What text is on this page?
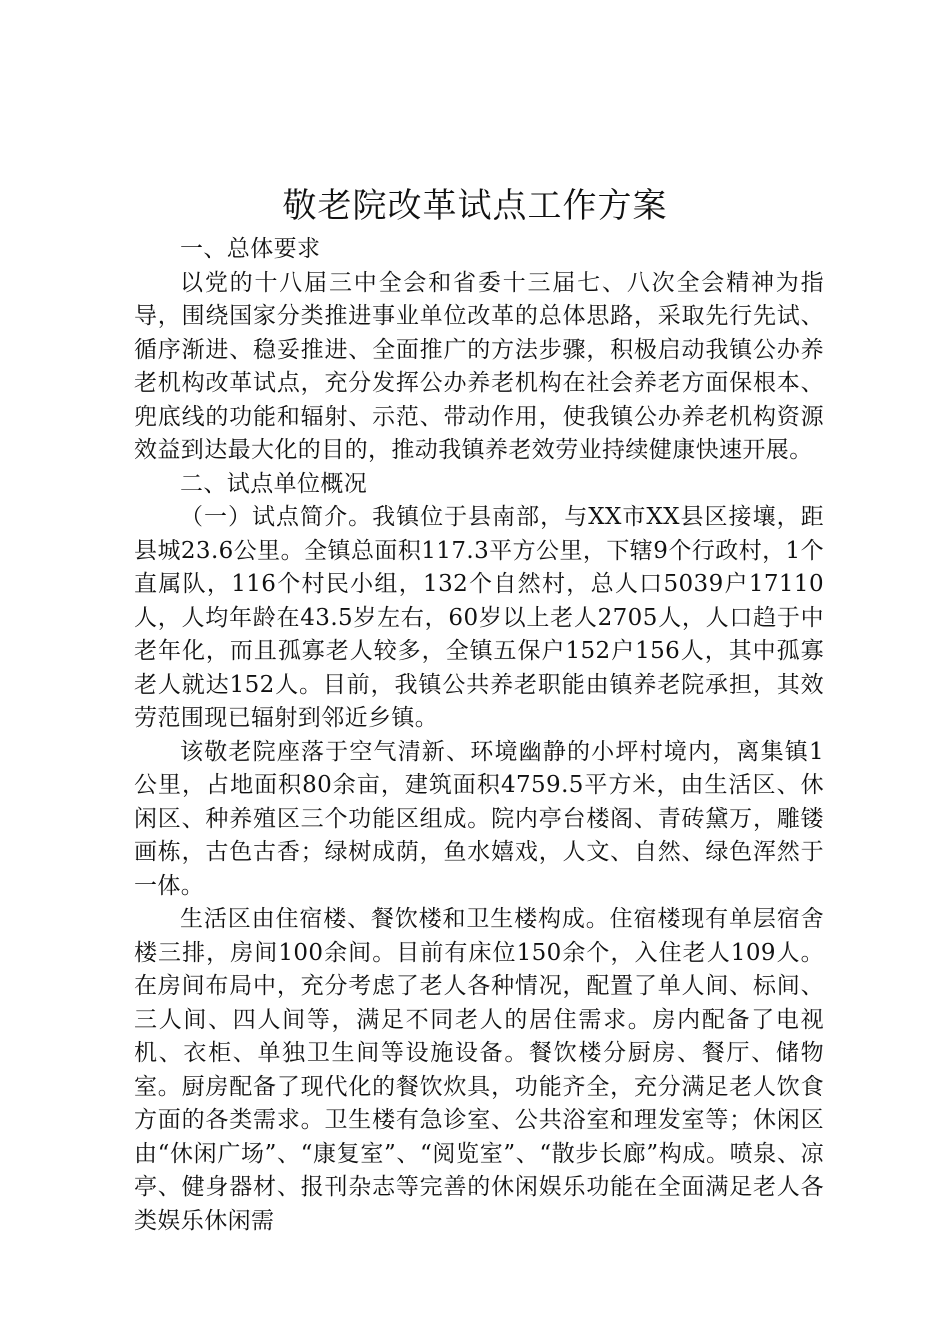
敬老院改革试点工作方案

一、总体要求

以党的十八届三中全会和省委十三届七、八次全会精神为指导，围绕国家分类推进事业单位改革的总体思路，采取先行先试、循序渐进、稳妥推进、全面推广的方法步骤，积极启动我镇公办养老机构改革试点，充分发挥公办养老机构在社会养老方面保根本、兜底线的功能和辐射、示范、带动作用，使我镇公办养老机构资源效益到达最大化的目的，推动我镇养老效劳业持续健康快速开展。

二、试点单位概况

（一）试点简介。我镇位于县南部，与XX市XX县区接壤，距县城23.6公里。全镇总面积117.3平方公里，下辖9个行政村，1个直属队，116个村民小组，132个自然村，总人口5039户17110人，人均年龄在43.5岁左右，60岁以上老人2705人，人口趋于中老年化，而且孤寡老人较多，全镇五保户152户156人，其中孤寡老人就达152人。目前，我镇公共养老职能由镇养老院承担，其效劳范围现已辐射到邻近乡镇。

该敬老院座落于空气清新、环境幽静的小坪村境内，离集镇1公里，占地面积80余亩，建筑面积4759.5平方米，由生活区、休闲区、种养殖区三个功能区组成。院内亭台楼阁、青砖黛万，雕镂画栋，古色古香；绿树成荫，鱼水嬉戏，人文、自然、绿色浑然于一体。

生活区由住宿楼、餐饮楼和卫生楼构成。住宿楼现有单层宿舍楼三排，房间100余间。目前有床位150余个，入住老人109人。在房间布局中，充分考虑了老人各种情况，配置了单人间、标间、三人间、四人间等，满足不同老人的居住需求。房内配备了电视机、衣柜、单独卫生间等设施设备。餐饮楼分厨房、餐厅、储物室。厨房配备了现代化的餐饮炊具，功能齐全，充分满足老人饮食方面的各类需求。卫生楼有急诊室、公共浴室和理发室等；休闲区由“休闲广场”、“康复室”、“阅览室”、“散步长廊”构成。喷泉、凉亭、健身器材、报刊杂志等完善的休闲娱乐功能在全面满足老人各类娱乐休闲需
